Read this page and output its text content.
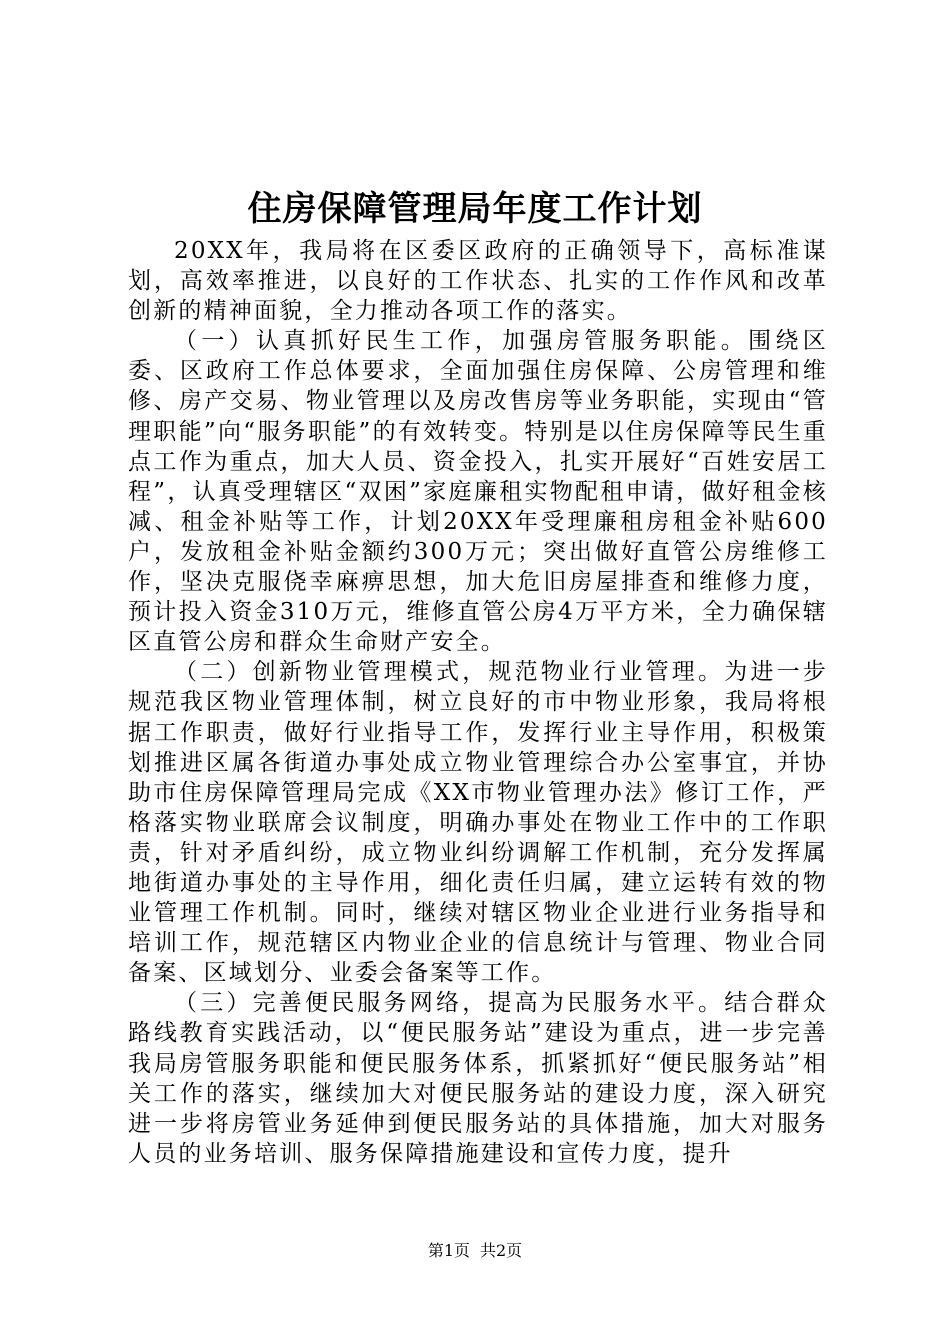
住房保障管理局年度工作计划

20XX年，我局将在区委区政府的正确领导下，高标准谋划，高效率推进，以良好的工作状态、扎实的工作作风和改革创新的精神面貌，全力推动各项工作的落实。

（一）认真抓好民生工作，加强房管服务职能。围绕区委、区政府工作总体要求，全面加强住房保障、公房管理和维修、房产交易、物业管理以及房改售房等业务职能，实现由“管理职能”向“服务职能”的有效转变。特别是以住房保障等民生重点工作为重点，加大人员、资金投入，扎实开展好“百姓安居工程”，认真受理辖区“双困”家庭廉租实物配租申请，做好租金核减、租金补贴等工作，计划20XX年受理廉租房租金补贴600户，发放租金补贴金额约300万元；突出做好直管公房维修工作，坚决克服侥幸麻痹思想，加大危旧房屋排查和维修力度，预计投入资金310万元，维修直管公房4万平方米，全力确保辖区直管公房和群众生命财产安全。

（二）创新物业管理模式，规范物业行业管理。为进一步规范我区物业管理体制，树立良好的市中物业形象，我局将根据工作职责，做好行业指导工作，发挥行业主导作用，积极策划推进区属各街道办事处成立物业管理综合办公室事宜，并协助市住房保障管理局完成《XX市物业管理办法》修订工作，严格落实物业联席会议制度，明确办事处在物业工作中的工作职责，针对矛盾纠纷，成立物业纠纷调解工作机制，充分发挥属地街道办事处的主导作用，细化责任归属，建立运转有效的物业管理工作机制。同时，继续对辖区物业企业进行业务指导和培训工作，规范辖区内物业企业的信息统计与管理、物业合同备案、区域划分、业委会备案等工作。

（三）完善便民服务网络，提高为民服务水平。结合群众路线教育实践活动，以“便民服务站”建设为重点，进一步完善我局房管服务职能和便民服务体系，抓紧抓好“便民服务站”相关工作的落实，继续加大对便民服务站的建设力度，深入研究进一步将房管业务延伸到便民服务站的具体措施，加大对服务人员的业务培训、服务保障措施建设和宣传力度，提升

第1页 共2页
